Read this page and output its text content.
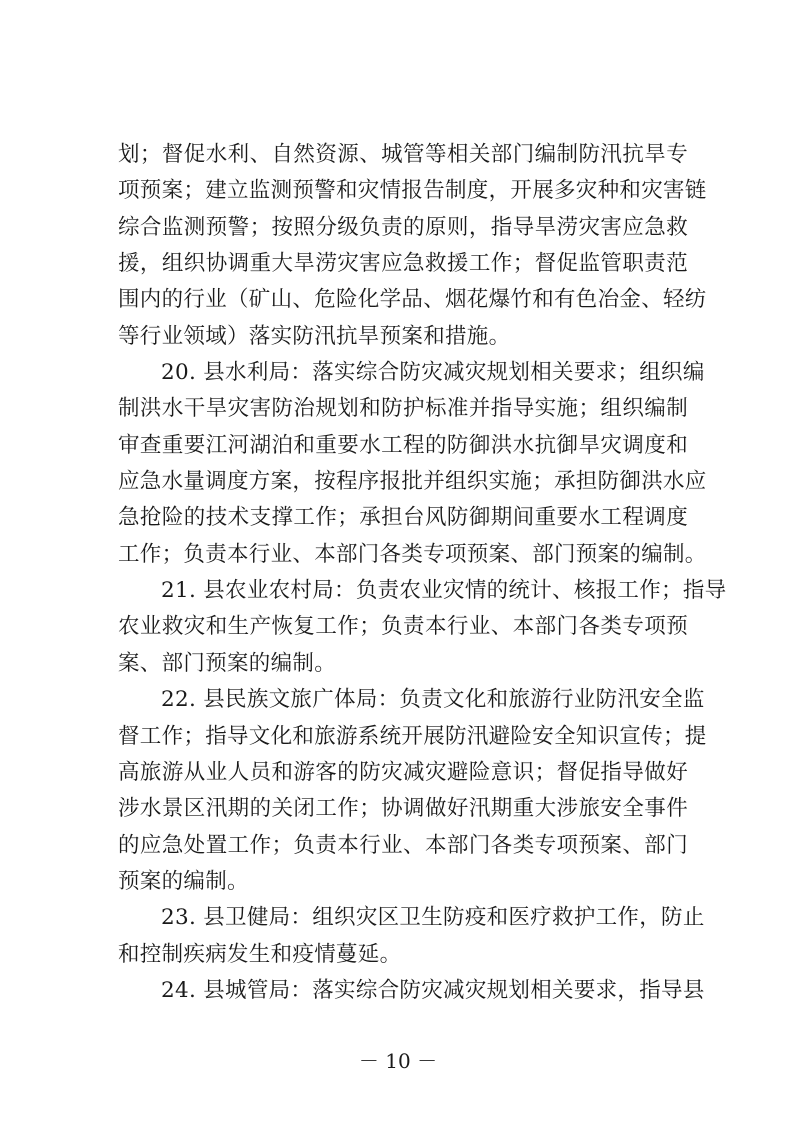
划；督促水利、自然资源、城管等相关部门编制防汛抗旱专
项预案；建立监测预警和灾情报告制度，开展多灾种和灾害链
综合监测预警；按照分级负责的原则，指导旱涝灾害应急救
援，组织协调重大旱涝灾害应急救援工作；督促监管职责范
围内的行业（矿山、危险化学品、烟花爆竹和有色冶金、轻纺
等行业领域）落实防汛抗旱预案和措施。
20. 县水利局：落实综合防灾减灾规划相关要求；组织编
制洪水干旱灾害防治规划和防护标准并指导实施；组织编制
审查重要江河湖泊和重要水工程的防御洪水抗御旱灾调度和
应急水量调度方案，按程序报批并组织实施；承担防御洪水应
急抢险的技术支撑工作；承担台风防御期间重要水工程调度
工作；负责本行业、本部门各类专项预案、部门预案的编制。
21. 县农业农村局：负责农业灾情的统计、核报工作；指导
农业救灾和生产恢复工作；负责本行业、本部门各类专项预
案、部门预案的编制。
22. 县民族文旅广体局：负责文化和旅游行业防汛安全监
督工作；指导文化和旅游系统开展防汛避险安全知识宣传；提
高旅游从业人员和游客的防灾减灾避险意识；督促指导做好
涉水景区汛期的关闭工作；协调做好汛期重大涉旅安全事件
的应急处置工作；负责本行业、本部门各类专项预案、部门
预案的编制。
23. 县卫健局：组织灾区卫生防疫和医疗救护工作，防止
和控制疾病发生和疫情蔓延。
24. 县城管局：落实综合防灾减灾规划相关要求，指导县
－ 10 －
